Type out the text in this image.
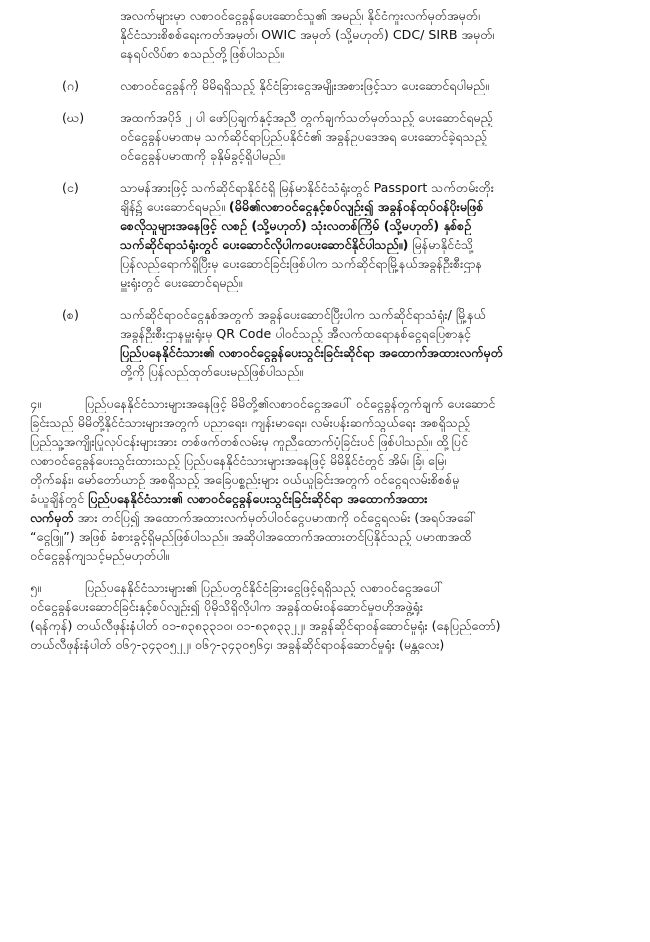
အလက်များမှာ လစာဝင်ငွေခွန်ပေးဆောင်သူ၏ အမည်၊ နိုင်ငံကူးလက်မှတ်အမှတ်၊
နိုင်ငံသားစိစစ်ရေးကတ်အမှတ်၊ OWIC အမှတ် (သို့မဟုတ်) CDC/ SIRB အမှတ်၊
နေရပ်လိပ်စာ စသည်တို့ဖြစ်ပါသည်။
(ဂ)	လစာဝင်ငွေခွန်ကို မိမိရရှိသည့် နိုင်ငံခြားငွေအမျိုးအစားဖြင့်သာ ပေးဆောင်ရပါမည်။
(ဃ)	အထက်အပိုဒ် ၂ ပါ ဖော်ပြချက်နှင့်အညီ တွက်ချက်သတ်မှတ်သည့် ပေးဆောင်ရမည့်
ဝင်ငွေခွန်ပမာဏမှ သက်ဆိုင်ရာပြည်ပနိုင်ငံ၏ အခွန်ဥပဒေအရ ပေးဆောင်ခဲ့ရသည့်
ဝင်ငွေခွန်ပမာဏကို ခုနှိမ်ခွင့်ရှိပါမည်။
(င)	သာမန်အားဖြင့် သက်ဆိုင်ရာနိုင်ငံရှိ မြန်မာနိုင်ငံသံရုံးတွင် Passport သက်တမ်းတိုး
ချိန်၌ ပေးဆောင်ရမည်။ (မိမိ၏လစာဝင်ငွေနှင့်စပ်လျဉ်း၍ အခွန်ဝန်ထုပ်ဝန်ပိုးမဖြစ်
စေလိုသူများအနေဖြင့် လစဉ် (သို့မဟုတ်) သုံးလတစ်ကြိမ် (သို့မဟုတ်) နှစ်စဉ်
သက်ဆိုင်ရာသံရုံးတွင် ပေးဆောင်လိုပါကပေးဆောင်နိုင်ပါသည်။) မြန်မာနိုင်ငံသို့
ပြန်လည်ရောက်ရှိပြီးမှ ပေးဆောင်ခြင်းဖြစ်ပါက သက်ဆိုင်ရာမြို့နယ်အခွန်ဦးစီးဌာန
မှူးရုံးတွင် ပေးဆောင်ရမည်။
(စ)	သက်ဆိုင်ရာဝင်ငွေနှစ်အတွက် အခွန်ပေးဆောင်ပြီးပါက သက်ဆိုင်ရာသံရုံး/ မြို့နယ်
အခွန်ဦးစီးဌာနမှူးရုံးမှ QR Code ပါဝင်သည့် အီလက်ထရောနစ်ငွေရပြေစာနှင့်
ပြည်ပနေနိုင်ငံသား၏ လစာဝင်ငွေခွန်ပေးသွင်းခြင်းဆိုင်ရာ အထောက်အထားလက်မှတ်
တို့ကို ပြန်လည်ထုတ်ပေးမည်ဖြစ်ပါသည်။
၄။	ပြည်ပနေနိုင်ငံသားများအနေဖြင့် မိမိတို့၏လစာဝင်ငွေအပေါ် ဝင်ငွေခွန်တွက်ချက် ပေးဆောင်
ခြင်းသည် မိမိတို့နိုင်ငံသားများအတွက် ပညာရေး၊ ကျန်းမာရေး၊ လမ်းပန်းဆက်သွယ်ရေး အစရှိသည့်
ပြည်သူ့အကျိုးပြုလုပ်ငန်းများအား တစ်ဖက်တစ်လမ်းမှ ကူညီထောက်ပံ့ခြင်းပင် ဖြစ်ပါသည်။ ထို့ပြင်
လစာဝင်ငွေခွန်ပေးသွင်းထားသည့် ပြည်ပနေနိုင်ငံသားများအနေဖြင့် မိမိနိုင်ငံတွင် အိမ်၊ ခြံ၊ မြေ၊
တိုက်ခန်း၊ မော်တော်ယာဉ် အစရှိသည့် အခြေပစ္စည်းများ ဝယ်ယူခြင်းအတွက် ဝင်ငွေရလမ်းစိစစ်မှု
ခံယူချိန်တွင် ပြည်ပနေနိုင်ငံသား၏ လစာဝင်ငွေခွန်ပေးသွင်းခြင်းဆိုင်ရာ အထောက်အထား
လက်မှတ် အား တင်ပြ၍ အထောက်အထားလက်မှတ်ပါဝင်ငွေပမာဏကို ဝင်ငွေရလမ်း (အရပ်အခေါ်
“ငွေဖြူ”) အဖြစ် ခံစားခွင့်ရှိမည်ဖြစ်ပါသည်။ အဆိုပါအထောက်အထားတင်ပြနိုင်သည့် ပမာဏအထိ
ဝင်ငွေခွန်ကျသင့်မည်မဟုတ်ပါ။
၅။	ပြည်ပနေနိုင်ငံသားများ၏ ပြည်ပတွင်နိုင်ငံခြားငွေဖြင့်ရရှိသည့် လစာဝင်ငွေအပေါ်
ဝင်ငွေခွန်ပေးဆောင်ခြင်းနှင့်စပ်လျဉ်း၍ ပိုမိုသိရှိလိုပါက အခွန်ထမ်းဝန်ဆောင်မှုဗဟိုအဖွဲ့ရုံး
(ရန်ကုန်) တယ်လီဖုန်းနံပါတ် ၀၁-၈၃၈၃၃၁၀၊ ၀၁-၈၃၈၃၃၂၂၊ အခွန်ဆိုင်ရာဝန်ဆောင်မှုရုံး (နေပြည်တော်)
တယ်လီဖုန်းနံပါတ် ၀၆၇-၃၄၃၀၅၂၂၊ ၀၆၇-၃၄၃၀၅၆၄၊ အခွန်ဆိုင်ရာဝန်ဆောင်မှုရုံး (မန္တလေး)
